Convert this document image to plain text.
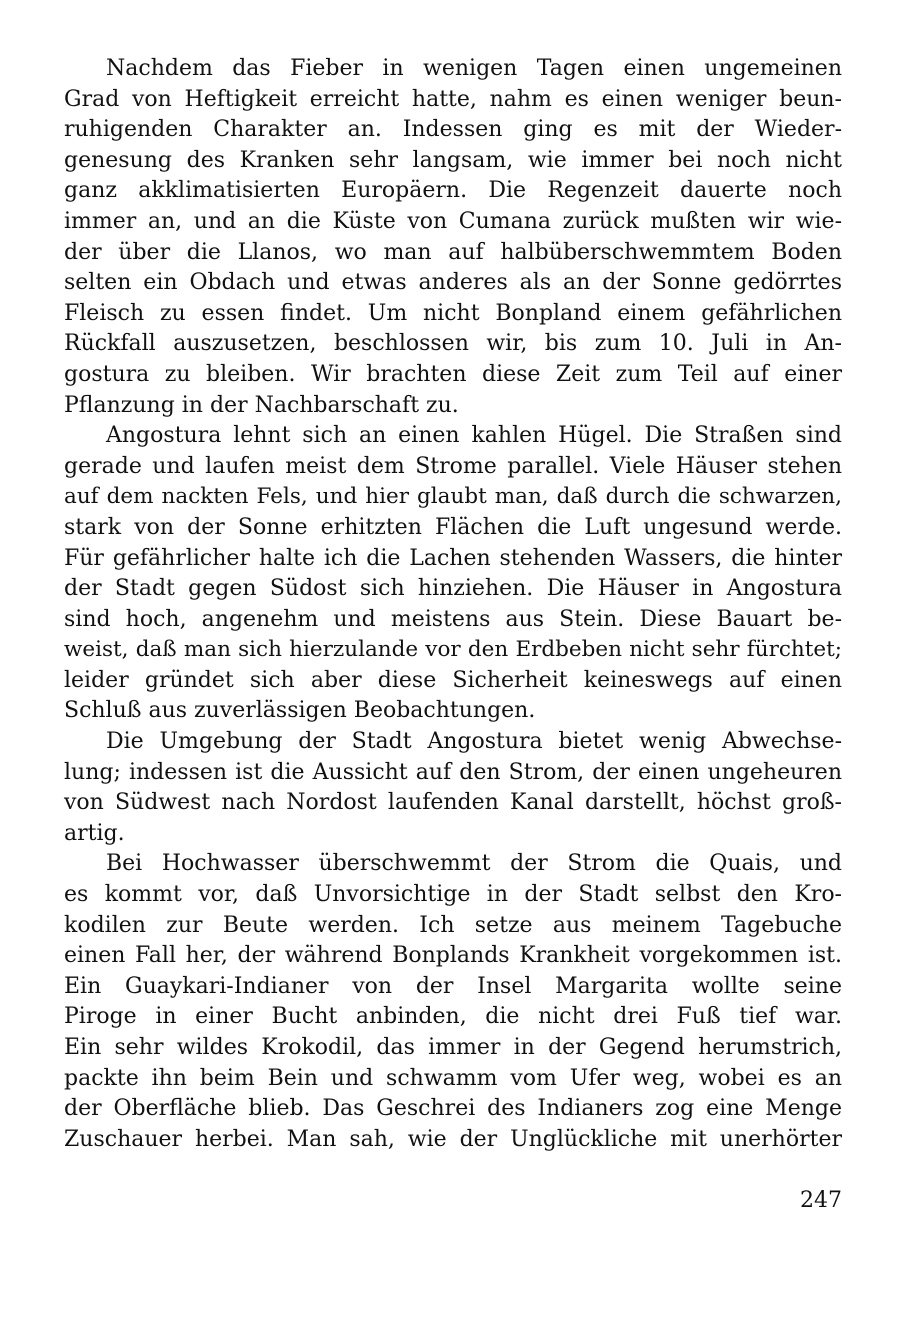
Nachdem das Fieber in wenigen Tagen einen ungemeinen
Grad von Heftigkeit erreicht hatte, nahm es einen weniger beun-
ruhigenden Charakter an. Indessen ging es mit der Wieder-
genesung des Kranken sehr langsam, wie immer bei noch nicht
ganz akklimatisierten Europäern. Die Regenzeit dauerte noch
immer an, und an die Küste von Cumana zurück mußten wir wie-
der über die Llanos, wo man auf halbüberschwemmtem Boden
selten ein Obdach und etwas anderes als an der Sonne gedörrtes
Fleisch zu essen findet. Um nicht Bonpland einem gefährlichen
Rückfall auszusetzen, beschlossen wir, bis zum 10. Juli in An-
gostura zu bleiben. Wir brachten diese Zeit zum Teil auf einer
Pflanzung in der Nachbarschaft zu.
Angostura lehnt sich an einen kahlen Hügel. Die Straßen sind
gerade und laufen meist dem Strome parallel. Viele Häuser stehen
auf dem nackten Fels, und hier glaubt man, daß durch die schwarzen,
stark von der Sonne erhitzten Flächen die Luft ungesund werde.
Für gefährlicher halte ich die Lachen stehenden Wassers, die hinter
der Stadt gegen Südost sich hinziehen. Die Häuser in Angostura
sind hoch, angenehm und meistens aus Stein. Diese Bauart be-
weist, daß man sich hierzulande vor den Erdbeben nicht sehr fürchtet;
leider gründet sich aber diese Sicherheit keineswegs auf einen
Schluß aus zuverlässigen Beobachtungen.
Die Umgebung der Stadt Angostura bietet wenig Abwechse-
lung; indessen ist die Aussicht auf den Strom, der einen ungeheuren
von Südwest nach Nordost laufenden Kanal darstellt, höchst groß-
artig.
Bei Hochwasser überschwemmt der Strom die Quais, und
es kommt vor, daß Unvorsichtige in der Stadt selbst den Kro-
kodilen zur Beute werden. Ich setze aus meinem Tagebuche
einen Fall her, der während Bonplands Krankheit vorgekommen ist.
Ein Guaykari-Indianer von der Insel Margarita wollte seine
Piroge in einer Bucht anbinden, die nicht drei Fuß tief war.
Ein sehr wildes Krokodil, das immer in der Gegend herumstrich,
packte ihn beim Bein und schwamm vom Ufer weg, wobei es an
der Oberfläche blieb. Das Geschrei des Indianers zog eine Menge
Zuschauer herbei. Man sah, wie der Unglückliche mit unerhörter
247
